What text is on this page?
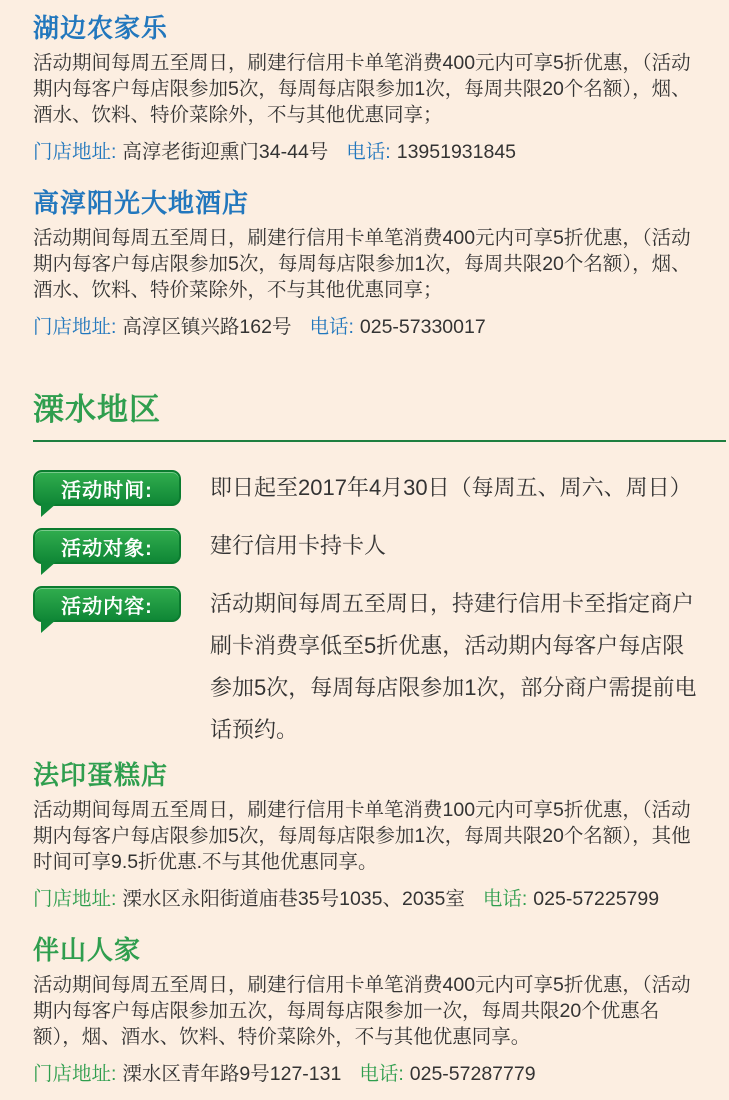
湖边农家乐

活动期间每周五至周日，刷建行信用卡单笔消费400元内可享5折优惠，（活动期内每客户每店限参加5次，每周每店限参加1次，每周共限20个名额），烟、酒水、饮料、特价菜除外，不与其他优惠同享；

门店地址: 高淳老街迎熏门34-44号 电话: 13951931845

高淳阳光大地酒店

活动期间每周五至周日，刷建行信用卡单笔消费400元内可享5折优惠，（活动期内每客户每店限参加5次，每周每店限参加1次，每周共限20个名额），烟、酒水、饮料、特价菜除外，不与其他优惠同享；

门店地址: 高淳区镇兴路162号 电话: 025-57330017

溧水地区
活动时间:	即日起至2017年4月30日（每周五、周六、周日）
活动对象:	建行信用卡持卡人
活动内容:	活动期间每周五至周日，持建行信用卡至指定商户刷卡消费享低至5折优惠，活动期内每客户每店限参加5次，每周每店限参加1次，部分商户需提前电话预约。
法印蛋糕店

活动期间每周五至周日，刷建行信用卡单笔消费100元内可享5折优惠，（活动期内每客户每店限参加5次，每周每店限参加1次，每周共限20个名额），其他时间可享9.5折优惠.不与其他优惠同享。

门店地址: 溧水区永阳街道庙巷35号1035、2035室 电话: 025-57225799

伴山人家

活动期间每周五至周日，刷建行信用卡单笔消费400元内可享5折优惠，（活动期内每客户每店限参加五次，每周每店限参加一次，每周共限20个优惠名额），烟、酒水、饮料、特价菜除外，不与其他优惠同享。

门店地址: 溧水区青年路9号127-131 电话: 025-57287779
